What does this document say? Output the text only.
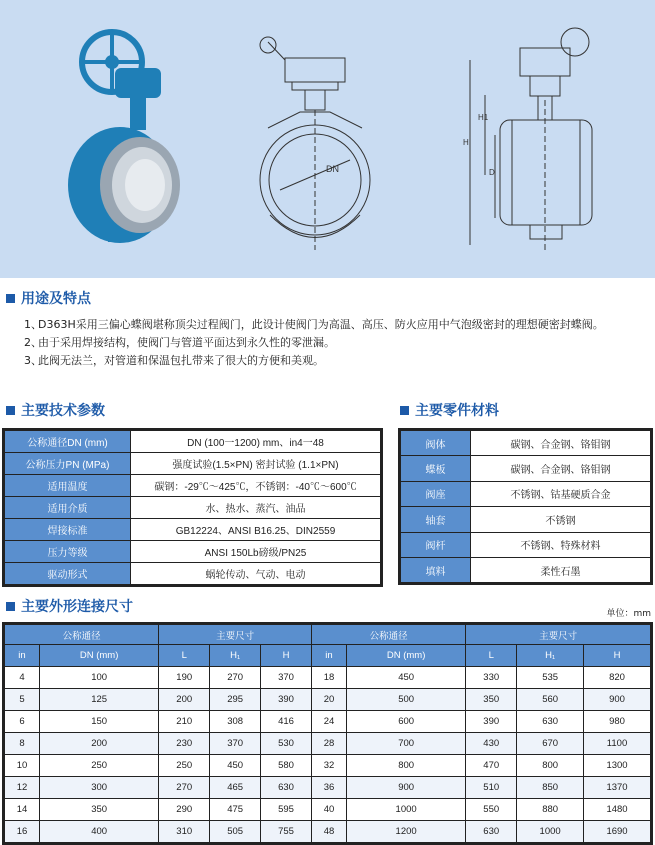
DN
H
H1
D
用途及特点
1、
D363H采用三偏心蝶阀堪称顶尖过程阀门，此设计使阀门为高温、高压、防火应用中气泡级密封的理想硬密封蝶阀。
2、
由于采用焊接结构，使阀门与管道平面达到永久性的零泄漏。
3、
此阀无法兰，对管道和保温包扎带来了很大的方便和美观。
主要技术参数
公称通径DN (mm)	DN (100一1200) mm、in4一48
公称压力PN (MPa)	强度试验(1.5×PN) 密封试验 (1.1×PN)
适用温度	碳钢：-29℃～425℃，不锈钢：-40℃～600℃
适用介质	水、热水、蒸汽、油品
焊接标准	GB12224、ANSI B16.25、DIN2559
压力等级	ANSI 150Lb磅级/PN25
驱动形式	蜗轮传动、气动、电动
主要零件材料
阀体	碳钢、合金钢、铬钼钢
蝶板	碳钢、合金钢、铬钼钢
阀座	不锈钢、钴基硬质合金
轴套	不锈钢
阀杆	不锈钢、特殊材料
填料	柔性石墨
主要外形连接尺寸	单位：mm
公称通径		主要尺寸			公称通径		主要尺寸		
in	DN (mm)	L	H₁	H	in	DN (mm)	L	H₁	H
4	100	190	270	370	18	450	330	535	820
5	125	200	295	390	20	500	350	560	900
6	150	210	308	416	24	600	390	630	980
8	200	230	370	530	28	700	430	670	1100
10	250	250	450	580	32	800	470	800	1300
12	300	270	465	630	36	900	510	850	1370
14	350	290	475	595	40	1000	550	880	1480
16	400	310	505	755	48	1200	630	1000	1690
